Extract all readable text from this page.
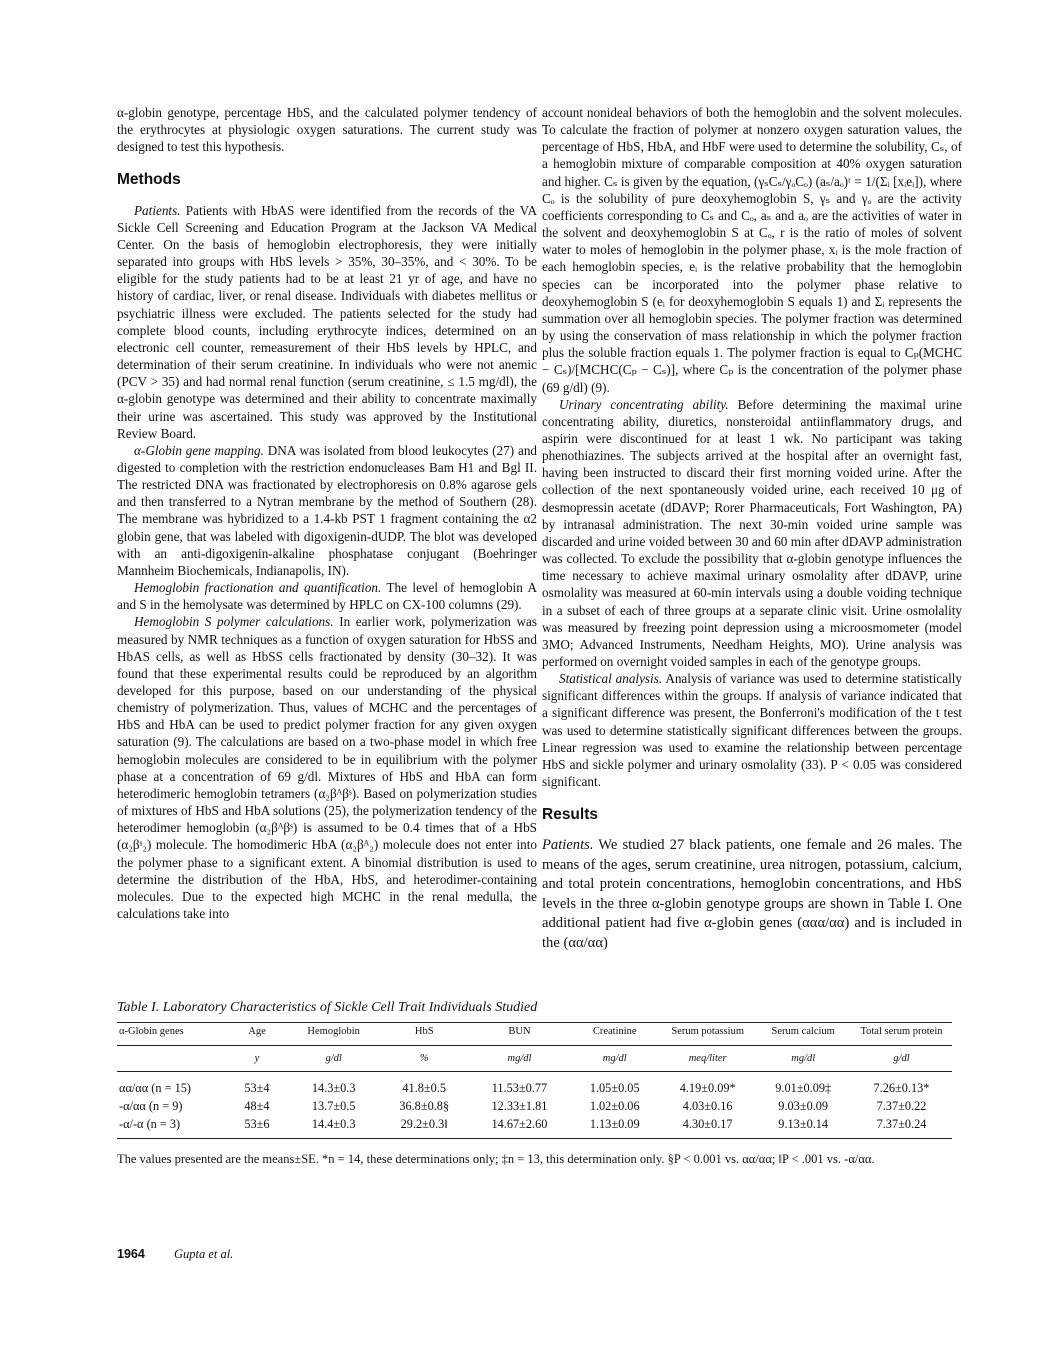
α-globin genotype, percentage HbS, and the calculated polymer tendency of the erythrocytes at physiologic oxygen saturations. The current study was designed to test this hypothesis.

Methods

Patients. Patients with HbAS were identified from the records of the VA Sickle Cell Screening and Education Program at the Jackson VA Medical Center. On the basis of hemoglobin electrophoresis, they were initially separated into groups with HbS levels > 35%, 30–35%, and < 30%. To be eligible for the study patients had to be at least 21 yr of age, and have no history of cardiac, liver, or renal disease. Individuals with diabetes mellitus or psychiatric illness were excluded. The patients selected for the study had complete blood counts, including erythrocyte indices, determined on an electronic cell counter, remeasurement of their HbS levels by HPLC, and determination of their serum creatinine. In individuals who were not anemic (PCV > 35) and had normal renal function (serum creatinine, ≤ 1.5 mg/dl), the α-globin genotype was determined and their ability to concentrate maximally their urine was ascertained. This study was approved by the Institutional Review Board.

α-Globin gene mapping. DNA was isolated from blood leukocytes (27) and digested to completion with the restriction endonucleases Bam H1 and Bgl II. The restricted DNA was fractionated by electrophoresis on 0.8% agarose gels and then transferred to a Nytran membrane by the method of Southern (28). The membrane was hybridized to a 1.4-kb PST 1 fragment containing the α2 globin gene, that was labeled with digoxigenin-dUDP. The blot was developed with an anti-digoxigenin-alkaline phosphatase conjugant (Boehringer Mannheim Biochemicals, Indianapolis, IN).

Hemoglobin fractionation and quantification. The level of hemoglobin A and S in the hemolysate was determined by HPLC on CX-100 columns (29).

Hemoglobin S polymer calculations. In earlier work, polymerization was measured by NMR techniques as a function of oxygen saturation for HbSS and HbAS cells, as well as HbSS cells fractionated by density (30–32). It was found that these experimental results could be reproduced by an algorithm developed for this purpose, based on our understanding of the physical chemistry of polymerization. Thus, values of MCHC and the percentages of HbS and HbA can be used to predict polymer fraction for any given oxygen saturation (9). The calculations are based on a two-phase model in which free hemoglobin molecules are considered to be in equilibrium with the polymer phase at a concentration of 69 g/dl. Mixtures of HbS and HbA can form heterodimeric hemoglobin tetramers (α₂βᴬβˢ). Based on polymerization studies of mixtures of HbS and HbA solutions (25), the polymerization tendency of the heterodimer hemoglobin (α₂βᴬβˢ) is assumed to be 0.4 times that of a HbS (α₂βˢ₂) molecule. The homodimeric HbA (α₂βᴬ₂) molecule does not enter into the polymer phase to a significant extent. A binomial distribution is used to determine the distribution of the HbA, HbS, and heterodimer-containing molecules. Due to the expected high MCHC in the renal medulla, the calculations take into

account nonideal behaviors of both the hemoglobin and the solvent molecules. To calculate the fraction of polymer at nonzero oxygen saturation values, the percentage of HbS, HbA, and HbF were used to determine the solubility, Cₛ, of a hemoglobin mixture of comparable composition at 40% oxygen saturation and higher. Cₛ is given by the equation, (γₛCₛ/γₒCₒ) (aₛ/aₒ)ʳ = 1/(Σᵢ [xᵢeᵢ]), where Cₒ is the solubility of pure deoxyhemoglobin S, γₛ and γₒ are the activity coefficients corresponding to Cₛ and Cₒ, aₛ and aₒ are the activities of water in the solvent and deoxyhemoglobin S at Cₒ, r is the ratio of moles of solvent water to moles of hemoglobin in the polymer phase, xᵢ is the mole fraction of each hemoglobin species, eᵢ is the relative probability that the hemoglobin species can be incorporated into the polymer phase relative to deoxyhemoglobin S (eᵢ for deoxyhemoglobin S equals 1) and Σᵢ represents the summation over all hemoglobin species. The polymer fraction was determined by using the conservation of mass relationship in which the polymer fraction plus the soluble fraction equals 1. The polymer fraction is equal to Cₚ(MCHC − Cₛ)/[MCHC(Cₚ − Cₛ)], where Cₚ is the concentration of the polymer phase (69 g/dl) (9).

Urinary concentrating ability. Before determining the maximal urine concentrating ability, diuretics, nonsteroidal antiinflammatory drugs, and aspirin were discontinued for at least 1 wk. No participant was taking phenothiazines. The subjects arrived at the hospital after an overnight fast, having been instructed to discard their first morning voided urine. After the collection of the next spontaneously voided urine, each received 10 μg of desmopressin acetate (dDAVP; Rorer Pharmaceuticals, Fort Washington, PA) by intranasal administration. The next 30-min voided urine sample was discarded and urine voided between 30 and 60 min after dDAVP administration was collected. To exclude the possibility that α-globin genotype influences the time necessary to achieve maximal urinary osmolality after dDAVP, urine osmolality was measured at 60-min intervals using a double voiding technique in a subset of each of three groups at a separate clinic visit. Urine osmolality was measured by freezing point depression using a microosmometer (model 3MO; Advanced Instruments, Needham Heights, MO). Urine analysis was performed on overnight voided samples in each of the genotype groups.

Statistical analysis. Analysis of variance was used to determine statistically significant differences within the groups. If analysis of variance indicated that a significant difference was present, the Bonferroni's modification of the t test was used to determine statistically significant differences between the groups. Linear regression was used to examine the relationship between percentage HbS and sickle polymer and urinary osmolality (33). P < 0.05 was considered significant.

Results

Patients. We studied 27 black patients, one female and 26 males. The means of the ages, serum creatinine, urea nitrogen, potassium, calcium, and total protein concentrations, hemoglobin concentrations, and HbS levels in the three α-globin genotype groups are shown in Table I. One additional patient had five α-globin genes (ααα/αα) and is included in the (αα/αα)

Table I. Laboratory Characteristics of Sickle Cell Trait Individuals Studied
α-Globin genes	Age	Hemoglobin	HbS	BUN	Creatinine	Serum potassium	Serum calcium	Total serum protein
	y	g/dl	%	mg/dl	mg/dl	meq/liter	mg/dl	g/dl
αα/αα (n = 15)	53±4	14.3±0.3	41.8±0.5	11.53±0.77	1.05±0.05	4.19±0.09*	9.01±0.09‡	7.26±0.13*
-α/αα (n = 9)	48±4	13.7±0.5	36.8±0.8§	12.33±1.81	1.02±0.06	4.03±0.16	9.03±0.09	7.37±0.22
-α/-α (n = 3)	53±6	14.4±0.3	29.2±0.3‖	14.67±2.60	1.13±0.09	4.30±0.17	9.13±0.14	7.37±0.24

The values presented are the means±SE. *n = 14, these determinations only; ‡n = 13, this determination only. §P < 0.001 vs. αα/αα; ‖P < .001 vs. -α/αα.
1964 Gupta et al.
